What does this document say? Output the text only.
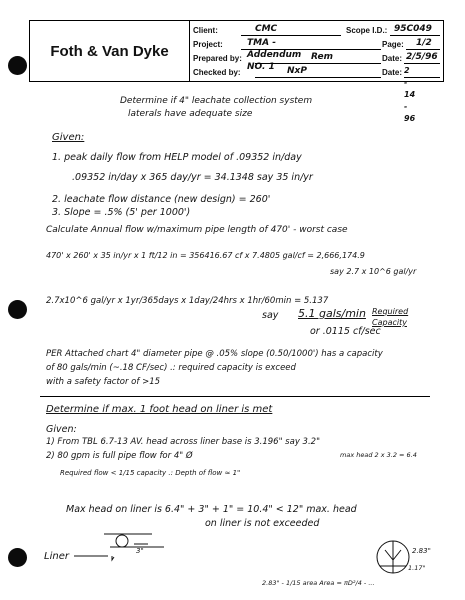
Foth & Van Dyke
Client:	CMC	Scope I.D.: 95C049
Project:	TMA - Addendum NO. 1
Page: 1/2
Prepared by:	Rem	Date: 2/5/96
Checked by:	NxP	Date: 2 - 14 - 96
Determine if 4" leachate collection system
laterals have adequate size
Given:
1. peak daily flow from HELP model of .09352 in/day
.09352 in/day x 365 day/yr = 34.1348 say 35 in/yr
2. leachate flow distance (new design) = 260'
3. Slope = .5% (5' per 1000')
Calculate Annual flow w/maximum pipe length of 470' - worst case
470' x 260' x 35 in/yr x 1 ft/12 in = 356416.67 cf x 7.4805 gal/cf = 2,666,174.9
say 2.7 x 10^6 gal/yr
2.7x10^6 gal/yr x 1yr/365days x 1day/24hrs x 1hr/60min = 5.137
say 5.1 gals/min Required Capacity
or .0115 cf/sec
PER Attached chart 4" diameter pipe @ .05% slope (0.50/1000') has a capacity
of 80 gals/min (~.18 CF/sec) .: required capacity is exceed
with a safety factor of >15
Determine if max. 1 foot head on liner is met
Given:
1) From TBL 6.7-13 AV. head across liner base is 3.196" say 3.2"
max head 2 x 3.2 = 6.4
2) 80 gpm is full pipe flow for 4" Ø
Required flow < 1/15 capacity .: Depth of flow ≈ 1"
Max head on liner is 6.4" + 3" + 1" = 10.4" < 12" max. head
on liner is not exceeded
Liner	3"	2.83"
1.17"
2.83" - 1/15 area Area = πD²/4 - ...
